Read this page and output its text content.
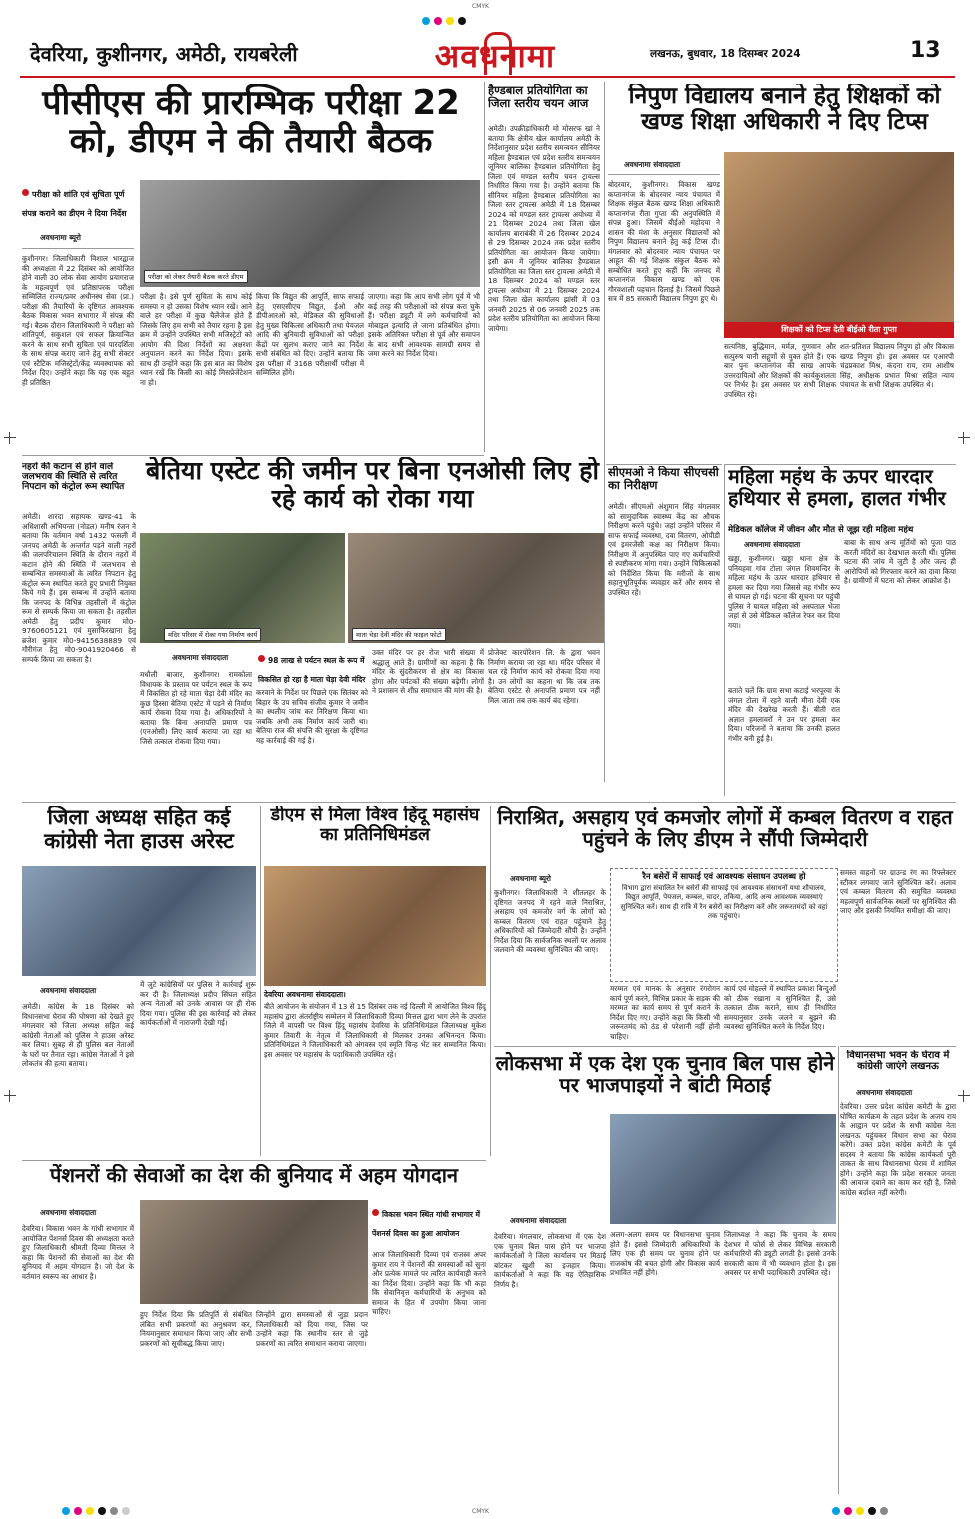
CMYK
देवरिया, कुशीनगर, अमेठी, रायबरेली	अवधनामा	लखनऊ, बुधवार, 18 दिसम्बर 2024	13
पीसीएस की प्रारम्भिक परीक्षा 22 को, डीएम ने की तैयारी बैठक
परीक्षा को शांति एवं सुचिता पूर्ण संपन्न कराने का डीएम ने दिया निर्देश
अवधनामा ब्यूरो
परीक्षा को लेकर तैयारी बैठक करते डीएम
कुशीनगर। जिलाधिकारी विशाल भारद्वाज की अध्यक्षता में 22 दिसंबर को आयोजित होने वाली उ0 लोक सेवा आयोग प्रयागराज के महत्वपूर्ण एवं प्रतिष्ठापरक परीक्षा सम्मिलित राज्य/प्रवर अधीनस्थ सेवा (प्रा.) परीक्षा की तैयारियों के दृष्टिगत आवश्यक बैठक विकास भवन सभागार में संपन्न की गई। बैठक दौरान जिलाधिकारी ने परीक्षा को शांतिपूर्ण, सकुशल एवं सफल क्रियान्वित करने के साथ सभी सुचिता एवं पारदर्शिता के साथ संपन्न कराए जाने हेतु सभी सेक्टर एवं स्टैटिक मजिस्ट्रेटों/केंद्र व्यवस्थापक को निर्देश दिए। उन्होंने कहा कि यह एक बहुत ही प्रतिष्ठित
परीक्षा है। इसे पूर्ण सुचिता के साथ कोई समस्या न हो उसका विशेष ध्यान रखें। आने वाले हर परीक्षा में कुछ चैलेंजेज होते हैं जिसके लिए हम सभी को तैयार रहना है इस क्रम में उन्होंने उपस्थित सभी मजिस्ट्रेटों को आयोग की दिशा निर्देशों का अक्षरशः अनुपालन करने का निर्देश दिया। इसके साथ ही उन्होंने कहा कि इस बात का विशेष ध्यान रखें कि किसी का कोई मिसप्रेजेंटेशन ना हो।
किया कि विद्युत की आपूर्ति, साफ सफाई हेतु एसएसीएच विद्युत, ईओ और डीपीआरओ को, मेडिकल की सुविधाओं हेतु मुख्य चिकित्सा अधिकारी तथा पेयजल आदि की बुनियादी सुविधाओं को परीक्षा केंद्रों पर सुलभ कराए जाने का निर्देश सभी संबंधित को दिए। उन्होंने बताया कि इस परीक्षा में 3168 परीक्षार्थी परीक्षा में सम्मिलित होंगे।
जाएगा। कहा कि आप सभी लोग पूर्व में भी कई तरह की परीक्षाओं को संपन्न करा चुके हैं। परीक्षा ड्यूटी में लगे कर्मचारियों को मोबाइल इत्यादि ले जाना प्रतिबंधित होगा। इसके अतिरिक्त परीक्षा से पूर्व और समापन के बाद सभी आवश्यक सामग्री समय से जमा करने का निर्देश दिया।
हैण्डबाल प्रतियोगिता का जिला स्तरीय चयन आज
अमेठी। उपक्रीड़ाधिकारी मो मोसरफ खां ने बताया कि क्षेत्रीय खेल कार्यालय अमेठी के निर्देशानुसार प्रदेश स्तरीय समन्वयन सीनियर महिला हैण्डबाल एवं प्रदेश स्तरीय समन्वयन जूनियर बालिका हैण्डबाल प्रतियोगिता हेतु जिला एवं मण्डल स्तरीय चयन ट्रायल्स निर्धारित किया गया है। उन्होंने बताया कि सीनियर महिला हैण्डबाल प्रतियोगिता का जिला स्तर ट्रायल्स अमेठी में 18 दिसम्बर 2024 को मण्डल स्तर ट्रायल्स अयोध्या में 21 दिसम्बर 2024 तथा जिला खेल कार्यालय बाराबंकी में 26 दिसम्बर 2024 से 29 दिसम्बर 2024 तक प्रदेश स्तरीय प्रतियोगिता का आयोजन किया जायेगा। इसी क्रम में जूनियर बालिका हैण्डबाल प्रतियोगिता का जिला स्तर ट्रायल्स अमेठी में 18 दिसम्बर 2024 को मण्डल स्तर ट्रायल्स अयोध्या में 21 दिसम्बर 2024 तथा जिला खेल कार्यालय झांसी में 03 जनवरी 2025 से 06 जनवरी 2025 तक प्रदेश स्तरीय प्रतियोगिता का आयोजन किया जायेगा।
निपुण विद्यालय बनाने हेतु शिक्षकों को खण्ड शिक्षा अधिकारी ने दिए टिप्स
अवधनामा संवाददाता
बोदरवार, कुशीनगर। विकास खण्ड कप्तानगंज के बोदरवार न्याय पंचायत में शिक्षक संकुल बैठक खण्ड शिक्षा अधिकारी कप्तानगंज रीता गुप्ता की अनुपस्थिति में संपन्न हुआ। जिसमें बीईओ महोदया ने शासन की मंशा के अनुसार विद्यालयों को निपुण विद्यालय बनाने हेतु कई टिप्स दी। मंगलवार को बोदरवार न्याय पंचायत पर आहूत की गई शिक्षक संकुल बैठक को सम्बोधित करते हुए कहीं कि जनपद में कप्तानगंज विकास खण्ड को एक गौरवशाली पहचान दिलाई है। जिसमें पिछले सत्र में 85 सरकारी विद्यालय निपुण हुए थे।
शिक्षकों को टिप्स देती बीईओ रीता गुप्ता
सत्यनिष्ठ, बुद्धिमान, मर्मज्ञ, गुणवान और सत्पुरुष यानी सद्गुणों से युक्त होते हैं। एक बार पुनः कप्तानगंज की साख आपके उत्तरदायित्वों और शिक्षकों की कार्यकुशलता पर निर्भर है। इस अवसर पर सभी शिक्षक उपस्थित रहे।
शत-प्रतिशत विद्यालय निपुण हो और विकास खण्ड निपुण हो। इस अवसर पर एआरपी चंद्रप्रकाश मिश्र, कंदना राय, राम आशीष सिंह, अधीक्षक प्रभात मिश्रा सहित न्याय पंचायत के सभी शिक्षक उपस्थित थे।
नहरों की कटान से होने वाले जलभराव की स्थिति से त्वरित निपटान को कंट्रोल रूम स्थापित
अमेठी। शारदा सहायक खण्ड-41 के अधिशासी अभियन्ता (नोडल) मनीष रंजन ने बताया कि वर्तमान वर्षा 1432 फसली में जनपद अमेठी के अन्तर्गत पड़ने वाली नहरों की जलपरिचालन स्थिति के दौरान नहरों में कटान होने की स्थिति में जलभराव से सम्बन्धित समस्याओं के त्वरित निपटान हेतु कंट्रोल रूम स्थापित करते हुए प्रभारी नियुक्त किये गये हैं। इस सम्बन्ध में उन्होंने बताया कि जनपद के विभिन्न तहसीलों में कंट्रोल रूम से सम्पर्क किया जा सकता है। तहसील अमेठी हेतु प्रदीप कुमार मो0-9760605121 एवं मुसाफिरखाना हेतु ब्रजेश कुमार मो0-9415638889 एवं गौरीगंज हेतु मो0-9041920466 से सम्पर्क किया जा सकता है।
बेतिया एस्टेट की जमीन पर बिना एनओसी लिए हो रहे कार्य को रोका गया
मंदिर परिसर में रोका गया निर्माण कार्य	माता चेड़ा देवी मंदिर की फाइल फोटो
अवधनामा संवाददाता	98 लाख से पर्यटन स्थल के रूप में विकसित हो रहा है माता चेड़ा देवी मंदिर
मधौली बाजार, कुशीनगर। रामकोला विधायक के प्रस्ताव पर पर्यटन स्थल के रूप में विकसित हो रहे माता चेड़ा देवी मंदिर का कुछ हिस्सा बेतिया एस्टेट में पड़ने से निर्माण कार्य रोकवा दिया गया है। अधिकारियों ने बताया कि बिना अनापत्ति प्रमाण पत्र (एनओसी) लिए कार्य कराया जा रहा था जिसे तत्काल रोकवा दिया गया।
करवाने के निर्देश पर पिछले एक सितंबर को बिहार के उप सचिव संजीव कुमार ने जमीन का स्थलीय जांच कर निरिक्षण किया था। जबकि अभी तक निर्माण कार्य जारी था। बेतिया राज की संपत्ति की सुरक्षा के दृष्टिगत यह कार्रवाई की गई है।
उक्त मंदिर पर हर रोज भारी संख्या में श्रद्धालु आते हैं। ग्रामीणों का कहना है कि मंदिर के सुंदरीकरण से क्षेत्र का विकास होगा और पर्यटकों की संख्या बढ़ेगी। लोगों ने प्रशासन से शीघ्र समाधान की मांग की है।
प्रोजेक्ट कारपोरेशन लि. के द्वारा भवन निर्माण कराया जा रहा था। मंदिर परिसर में चल रहे निर्माण कार्य को रोकवा दिया गया है। उन लोगों का कहना था कि जब तक बेतिया एस्टेट से अनापत्ति प्रमाण पत्र नहीं मिल जाता तब तक कार्य बंद रहेगा।
सीएमओ ने किया सीएचसी का निरीक्षण
अमेठी। सीएमओ अंशुमान सिंह मंगलवार को सामुदायिक स्वास्थ्य केंद्र का औचक निरीक्षण करने पहुंचे। जहां उन्होंने परिसर में साफ सफाई व्यवस्था, दवा वितरण, ओपीडी एवं इमरजेंसी कक्ष का निरीक्षण किया। निरीक्षण में अनुपस्थित पाए गए कर्मचारियों से स्पष्टीकरण मांगा गया। उन्होंने चिकित्सकों को निर्देशित किया कि मरीजों के साथ सहानुभूतिपूर्वक व्यवहार करें और समय से उपस्थित रहें।
महिला महंथ के ऊपर धारदार हथियार से हमला, हालत गंभीर
मेडिकल कॉलेज में जीवन और मौत से जूझ रही महिला महंथ
अवधनामा संवाददाता
खड्डा, कुशीनगर। खड्डा थाना क्षेत्र के पनियहवा गांव टोला जंगल शिवमन्दिर के महिला महंथ के ऊपर धारदार हथियार से हमला कर दिया गया जिससे वह गंभीर रूप से घायल हो गई। घटना की सूचना पर पहुंची पुलिस ने घायल महिला को अस्पताल भेजा जहां से उसे मेडिकल कॉलेज रेफर कर दिया गया।
बताते चलें कि ग्राम सभा कटाई भरपूरवा के जंगल टोला में रहने वाली मीना देवी एक मंदिर की देखरेख करती हैं। बीती रात अज्ञात हमलावरों ने उन पर हमला कर दिया। परिजनों ने बताया कि उनकी हालत गंभीर बनी हुई है।
बाबा के साथ अन्य मूर्तियों को पूजा पाठ करती मंदिरों का देखभाल करती थीं। पुलिस घटना की जांच में जुटी है और जल्द ही आरोपियों को गिरफ्तार करने का दावा किया है। ग्रामीणों में घटना को लेकर आक्रोश है।
जिला अध्यक्ष सहित कई कांग्रेसी नेता हाउस अरेस्ट
अवधनामा संवाददाता
अमेठी। कांग्रेस के 18 दिसंबर को विधानसभा घेराव की घोषणा को देखते हुए मंगलवार को जिला अध्यक्ष सहित कई कांग्रेसी नेताओं को पुलिस ने हाउस अरेस्ट कर लिया। सुबह से ही पुलिस बल नेताओं के घरों पर तैनात रहा। कांग्रेस नेताओं ने इसे लोकतंत्र की हत्या बताया।
में जुटे कांग्रेसियों पर पुलिस ने कार्रवाई शुरू कर दी है। जिलाध्यक्ष प्रदीप सिंघल सहित अन्य नेताओं को उनके आवास पर ही रोक दिया गया। पुलिस की इस कार्रवाई को लेकर कार्यकर्ताओं में नाराजगी देखी गई।
डीएम से मिला विश्व हिंदू महासंघ का प्रतिनिधिमंडल
देवरिया अवधनामा संवाददाता।
बीते आयोजन के संयोजन में 13 से 15 दिसंबर तक नई दिल्ली में आयोजित विश्व हिंदू महासंघ द्वारा अंतर्राष्ट्रीय सम्मेलन में जिलाधिकारी दिव्या मित्तल द्वारा भाग लेने के उपरांत जिले में वापसी पर विश्व हिंदू महासंघ देवरिया के प्रतिनिधिमंडल जिलाध्यक्ष मुकेश कुमार तिवारी के नेतृत्व में जिलाधिकारी से मिलकर उनका अभिनन्दन किया। प्रतिनिधिमंडल ने जिलाधिकारी को अंगवस्त्र एवं स्मृति चिन्ह भेंट कर सम्मानित किया। इस अवसर पर महासंघ के पदाधिकारी उपस्थित रहे।
निराश्रित, असहाय एवं कमजोर लोगों में कम्बल वितरण व राहत पहुंचने के लिए डीएम ने सौंपी जिम्मेदारी
अवधनामा ब्यूरो
कुशीनगर। जिलाधिकारी ने शीतलहर के दृष्टिगत जनपद में रहने वाले निराश्रित, असहाय एवं कमजोर वर्ग के लोगों को कम्बल वितरण एवं राहत पहुंचाने हेतु अधिकारियों को जिम्मेदारी सौंपी है। उन्होंने निर्देश दिया कि सार्वजनिक स्थलों पर अलाव जलवाने की व्यवस्था सुनिश्चित की जाए।
रैन बसेरों में साफाई एवं आवश्यक संसाधन उपलब्ध हो
विभाग द्वारा संचालित रैन बसेरों की साफाई एवं आवश्यक संसाधनों यथा शौचालय, विद्युत आपूर्ति, पेयजल, कम्बल, चादर, तकिया, आदि अन्य आवश्यक व्यवस्थाएं सुनिश्चित करें। साथ ही रात्रि में रैन बसेरों का निरीक्षण करें और जरूरतमंदों को वहां तक पहुंचाएं।
मरम्मत एवं मानक के अनुसार रंगरोगन कार्य पूर्ण करने, विभिन्न प्रकार के सड़क की मरम्मत का कार्य समय से पूर्ण कराने के निर्देश दिए गए। उन्होंने कहा कि किसी भी जरूरतमंद को ठंड से परेशानी नहीं होनी चाहिए।
कार्य एवं मोहल्ले में स्थापित प्रकाश बिन्दुओं को ठीक रखाना व सुनिश्चित हैं, उसे तत्काल ठीक कराने, साथ ही निर्धारित समयानुसार उनके जलने व बुझने की व्यवस्था सुनिश्चित करने के निर्देश दिए।
समस्त वाहनों पर ग्राउन्ड रंग का रिफ्लेक्टर स्टीकर लगवाए जाने सुनिश्चित करें। अलाव एवं कम्बल वितरण की समुचित व्यवस्था महत्वपूर्ण सार्वजनिक स्थलों पर सुनिश्चित की जाए और इसकी नियमित समीक्षा की जाए।
विधानसभा भवन के घेराव में कांग्रेसी जाएंगे लखनऊ
अवधनामा संवाददाता
देवरिया। उत्तर प्रदेश कांग्रेस कमेटी के द्वारा घोषित कार्यक्रम के तहत प्रदेश के अजय राय के आह्वान पर प्रदेश के सभी कांग्रेस नेता लखनऊ पहुंचकर विधान सभा का घेराव करेंगे। उक्त प्रदेश कांग्रेस कमेटी के पूर्व सदस्य ने बताया कि कांग्रेस कार्यकर्ता पूरी ताकत के साथ विधानसभा घेराव में शामिल होंगे। उन्होंने कहा कि प्रदेश सरकार जनता की आवाज दबाने का काम कर रही है, जिसे कांग्रेस बर्दाश्त नहीं करेगी।
लोकसभा में एक देश एक चुनाव बिल पास होने पर भाजपाइयों ने बांटी मिठाई
अवधनामा संवाददाता
देवरिया। मंगलवार, लोकसभा में एक देश एक चुनाव बिल पास होने पर भाजपा कार्यकर्ताओं ने जिला कार्यालय पर मिठाई बांटकर खुशी का इजहार किया। कार्यकर्ताओं ने कहा कि यह ऐतिहासिक निर्णय है।
अलग-अलग समय पर विधानसभा चुनाव होते हैं। इससे जिम्मेदारी अधिकारियों के लिए एक ही समय पर चुनाव होने पर राजकोष की बचत होगी और विकास कार्य प्रभावित नहीं होंगे।
जिलाध्यक्ष ने कहा कि चुनाव के समय देशभर में फोर्स से लेकर विभिन्न सरकारी कर्मचारियों की ड्यूटी लगती है। इससे उनके सरकारी काम में भी व्यवधान होता है। इस अवसर पर सभी पदाधिकारी उपस्थित रहे।
पेंशनरों की सेवाओं का देश की बुनियाद में अहम योगदान
अवधनामा संवाददाता
देवरिया। विकास भवन के गांधी सभागार में आयोजित पेंशनर्स दिवस की अध्यक्षता करते हुए जिलाधिकारी श्रीमती दिव्या मित्तल ने कहा कि पेंशनरों की सेवाओं का देश की बुनियाद में अहम योगदान है। जो देश के वर्तमान स्वरूप का आधार है।
हुए निर्देश दिया कि प्रतिपूर्ति से संबंधित लंबित सभी प्रकरणों का अनुश्रवण कर, नियमानुसार समाधान किया जाए और सभी प्रकरणों को सूचीबद्ध किया जाए।
जिन्होंने द्वारा समस्याओं से जुड़ा प्रदान जिलाधिकारी को दिया गया, जिस पर उन्होंने कहा कि स्थानीय स्तर से जुड़े प्रकरणों का त्वरित समाधान कराया जाएगा।
विकास भवन स्थित गांधी सभागार में पेंशनर्स दिवस का हुआ आयोजन
आज जिलाधिकारी दिव्या एवं राजस्व अपर कुमार राय ने पेंशनरों की समस्याओं को सुना और प्रत्येक मामले पर त्वरित कार्यवाही करने का निर्देश दिया। उन्होंने कहा कि भी कहा कि सेवानिवृत्त कर्मचारियों के अनुभव को समाज के हित में उपयोग किया जाना चाहिए।
CMYK
